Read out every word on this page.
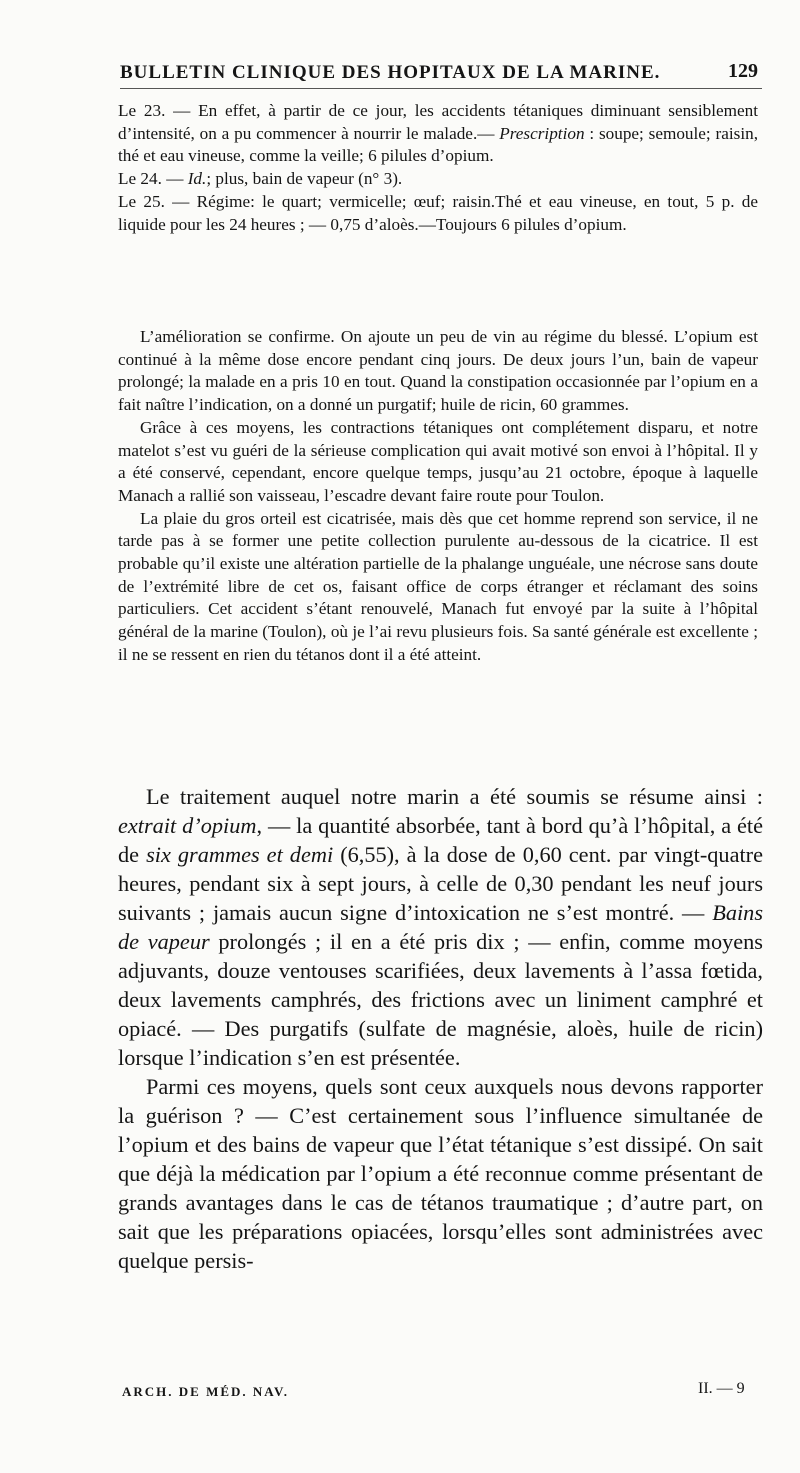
BULLETIN CLINIQUE DES HOPITAUX DE LA MARINE.	129

Le 23. — En effet, à partir de ce jour, les accidents tétaniques diminuant sensiblement d’intensité, on a pu commencer à nourrir le malade.— Prescription : soupe; semoule; raisin, thé et eau vineuse, comme la veille; 6 pilules d’opium.

Le 24. — Id.; plus, bain de vapeur (n° 3).

Le 25. — Régime: le quart; vermicelle; œuf; raisin.Thé et eau vineuse, en tout, 5 p. de liquide pour les 24 heures ; — 0,75 d’aloès.—Toujours 6 pilules d’opium.

L’amélioration se confirme. On ajoute un peu de vin au régime du blessé. L’opium est continué à la même dose encore pendant cinq jours. De deux jours l’un, bain de vapeur prolongé; la malade en a pris 10 en tout. Quand la constipation occasionnée par l’opium en a fait naître l’indication, on a donné un purgatif; huile de ricin, 60 grammes.

Grâce à ces moyens, les contractions tétaniques ont complétement disparu, et notre matelot s’est vu guéri de la sérieuse complication qui avait motivé son envoi à l’hôpital. Il y a été conservé, cependant, encore quelque temps, jusqu’au 21 octobre, époque à laquelle Manach a rallié son vaisseau, l’escadre devant faire route pour Toulon.

La plaie du gros orteil est cicatrisée, mais dès que cet homme reprend son service, il ne tarde pas à se former une petite collection purulente au-dessous de la cicatrice. Il est probable qu’il existe une altération partielle de la phalange unguéale, une nécrose sans doute de l’extrémité libre de cet os, faisant office de corps étranger et réclamant des soins particuliers. Cet accident s’étant renouvelé, Manach fut envoyé par la suite à l’hôpital général de la marine (Toulon), où je l’ai revu plusieurs fois. Sa santé générale est excellente ; il ne se ressent en rien du tétanos dont il a été atteint.

Le traitement auquel notre marin a été soumis se résume ainsi : extrait d’opium, — la quantité absorbée, tant à bord qu’à l’hôpital, a été de six grammes et demi (6,55), à la dose de 0,60 cent. par vingt-quatre heures, pendant six à sept jours, à celle de 0,30 pendant les neuf jours suivants ; jamais aucun signe d’intoxication ne s’est montré. — Bains de vapeur prolongés ; il en a été pris dix ; — enfin, comme moyens adjuvants, douze ventouses scarifiées, deux lavements à l’assa fœtida, deux lavements camphrés, des frictions avec un liniment camphré et opiacé. — Des purgatifs (sulfate de magnésie, aloès, huile de ricin) lorsque l’indication s’en est présentée.

Parmi ces moyens, quels sont ceux auxquels nous devons rapporter la guérison ? — C’est certainement sous l’influence simultanée de l’opium et des bains de vapeur que l’état tétanique s’est dissipé. On sait que déjà la médication par l’opium a été reconnue comme présentant de grands avantages dans le cas de tétanos traumatique ; d’autre part, on sait que les préparations opiacées, lorsqu’elles sont administrées avec quelque persis-

ARCH. DE MÉD. NAV.	II. — 9
